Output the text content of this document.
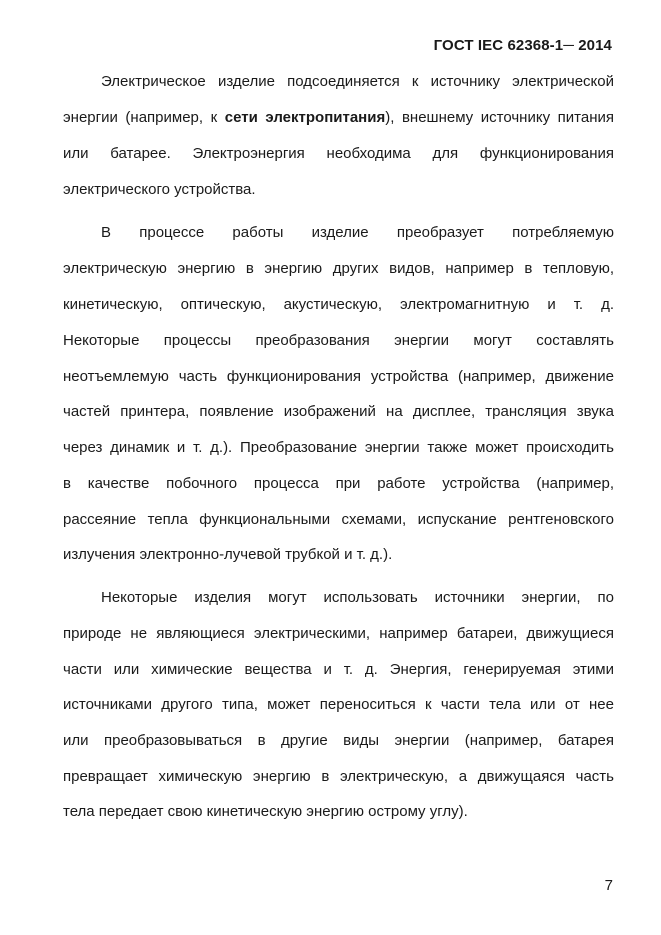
ГОСТ IEC 62368-1─ 2014
Электрическое изделие подсоединяется к источнику электрической
энергии (например, к сети электропитания), внешнему источнику питания
или батарее. Электроэнергия необходима для функционирования
электрического устройства.
В процессе работы изделие преобразует потребляемую
электрическую энергию в энергию других видов, например в тепловую,
кинетическую, оптическую, акустическую, электромагнитную и т. д.
Некоторые процессы преобразования энергии могут составлять
неотъемлемую часть функционирования устройства (например, движение
частей принтера, появление изображений на дисплее, трансляция звука
через динамик и т. д.). Преобразование энергии также может происходить
в качестве побочного процесса при работе устройства (например,
рассеяние тепла функциональными схемами, испускание рентгеновского
излучения электронно-лучевой трубкой и т. д.).
Некоторые изделия могут использовать источники энергии, по
природе не являющиеся электрическими, например батареи, движущиеся
части или химические вещества и т. д. Энергия, генерируемая этими
источниками другого типа, может переноситься к части тела или от нее
или преобразовываться в другие виды энергии (например, батарея
превращает химическую энергию в электрическую, а движущаяся часть
тела передает свою кинетическую энергию острому углу).
7
